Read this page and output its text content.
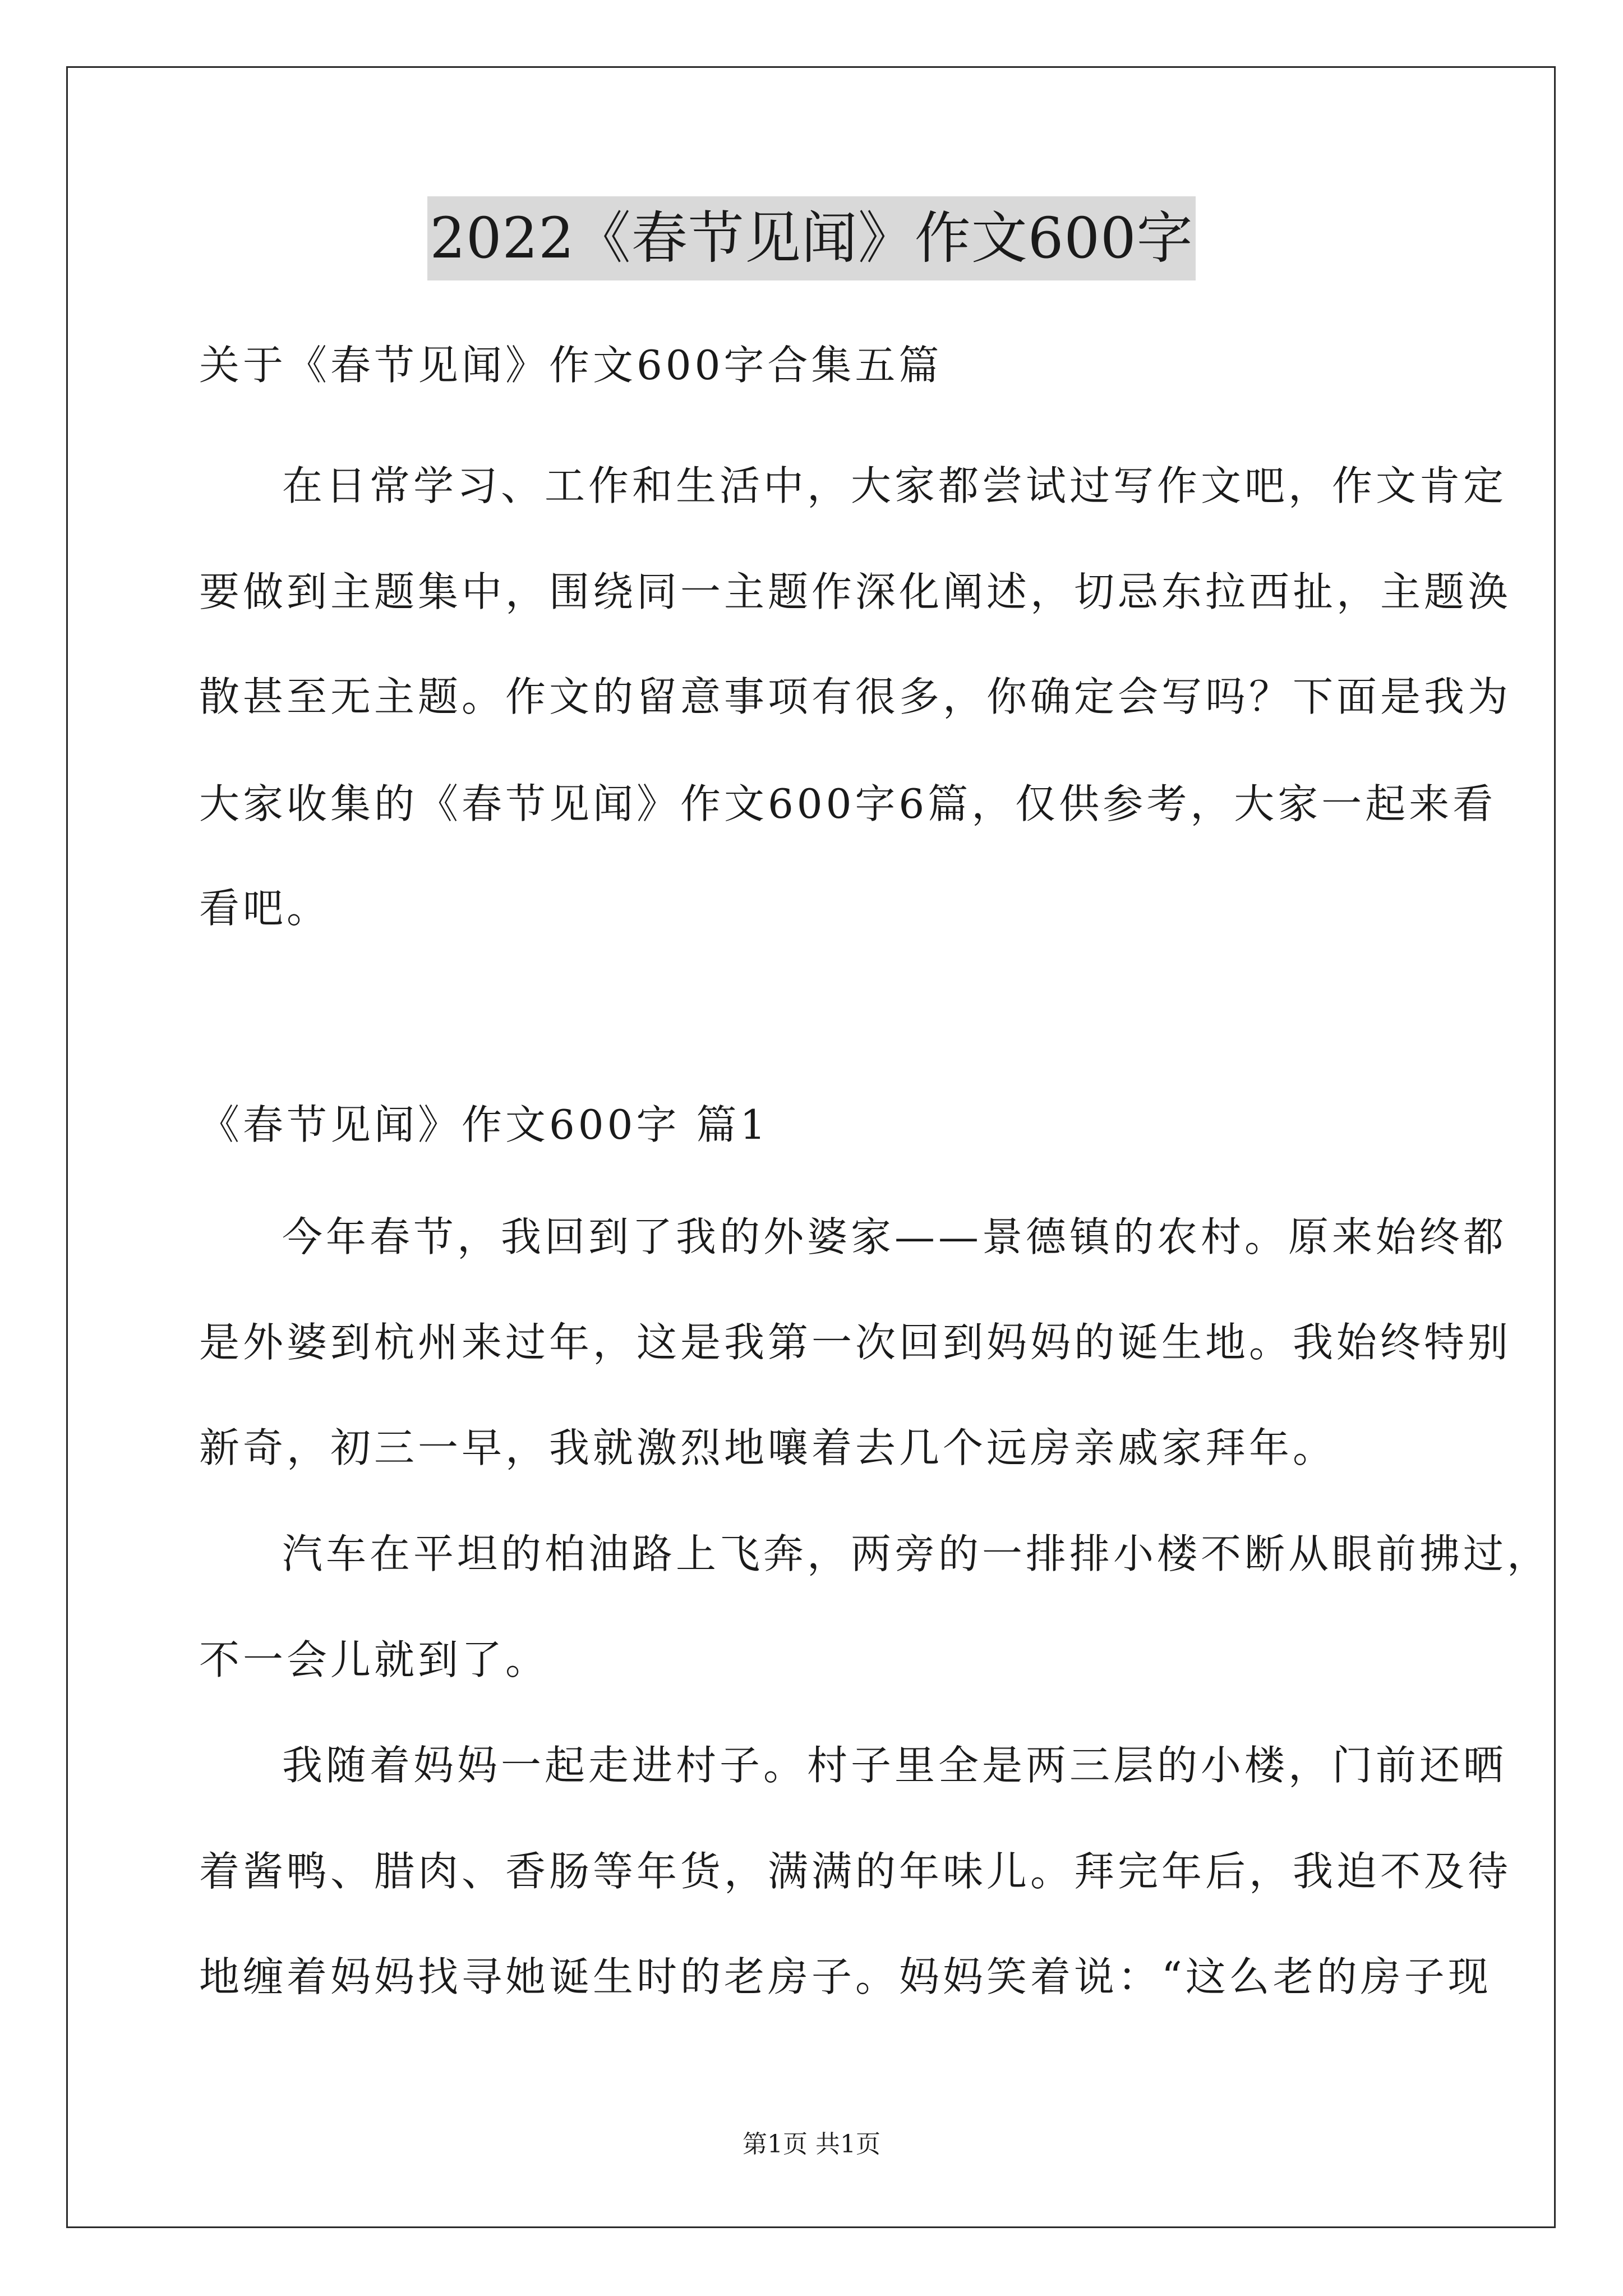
2022《春节见闻》作文600字
关于《春节见闻》作文600字合集五篇
在日常学习、工作和生活中，大家都尝试过写作文吧，作文肯定
要做到主题集中，围绕同一主题作深化阐述，切忌东拉西扯，主题涣
散甚至无主题。作文的留意事项有很多，你确定会写吗？下面是我为
大家收集的《春节见闻》作文600字6篇，仅供参考，大家一起来看
看吧。
《春节见闻》作文600字 篇1
今年春节，我回到了我的外婆家——景德镇的农村。原来始终都
是外婆到杭州来过年，这是我第一次回到妈妈的诞生地。我始终特别
新奇，初三一早，我就激烈地嚷着去几个远房亲戚家拜年。
汽车在平坦的柏油路上飞奔，两旁的一排排小楼不断从眼前拂过，
不一会儿就到了。
我随着妈妈一起走进村子。村子里全是两三层的小楼，门前还晒
着酱鸭、腊肉、香肠等年货，满满的年味儿。拜完年后，我迫不及待
地缠着妈妈找寻她诞生时的老房子。妈妈笑着说：“这么老的房子现
第1页 共1页
